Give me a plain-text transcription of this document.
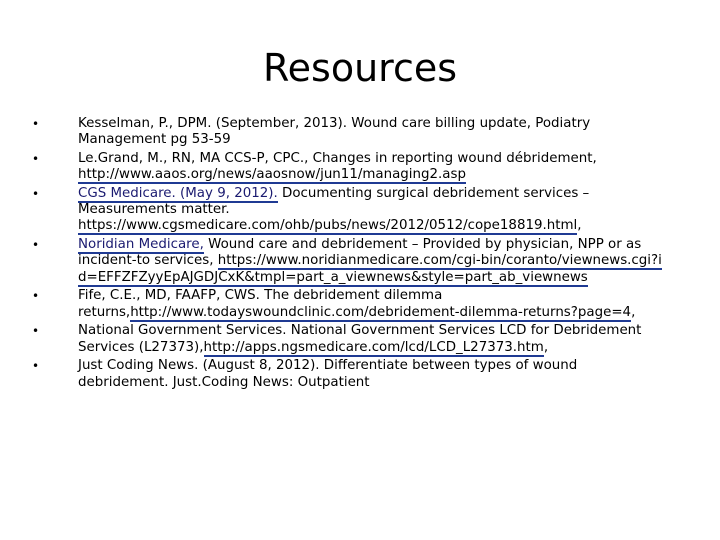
Resources
•	Kesselman, P., DPM. (September, 2013). Wound care billing update, Podiatry Management pg 53-59
•	Le.Grand, M., RN, MA CCS-P, CPC., Changes in reporting wound débridement, http://www.aaos.org/news/aaosnow/jun11/managing2.asp
•	CGS Medicare. (May 9, 2012). Documenting surgical debridement services – Measurements matter. https://www.cgsmedicare.com/ohb/pubs/news/2012/0512/cope18819.html,
•	Noridian Medicare, Wound care and debridement – Provided by physician, NPP or as incident-to services, https://www.noridianmedicare.com/cgi-bin/coranto/viewnews.cgi?id=EFFZFZyyEpAJGDJCxK&tmpl=part_a_viewnews&style=part_ab_viewnews
•	Fife, C.E., MD, FAAFP, CWS. The debridement dilemma returns,http://www.todayswoundclinic.com/debridement-dilemma-returns?page=4,
•	National Government Services. National Government Services LCD for Debridement Services (L27373),http://apps.ngsmedicare.com/lcd/LCD_L27373.htm,
•	Just Coding News. (August 8, 2012). Differentiate between types of wound debridement. Just.Coding News: Outpatient
